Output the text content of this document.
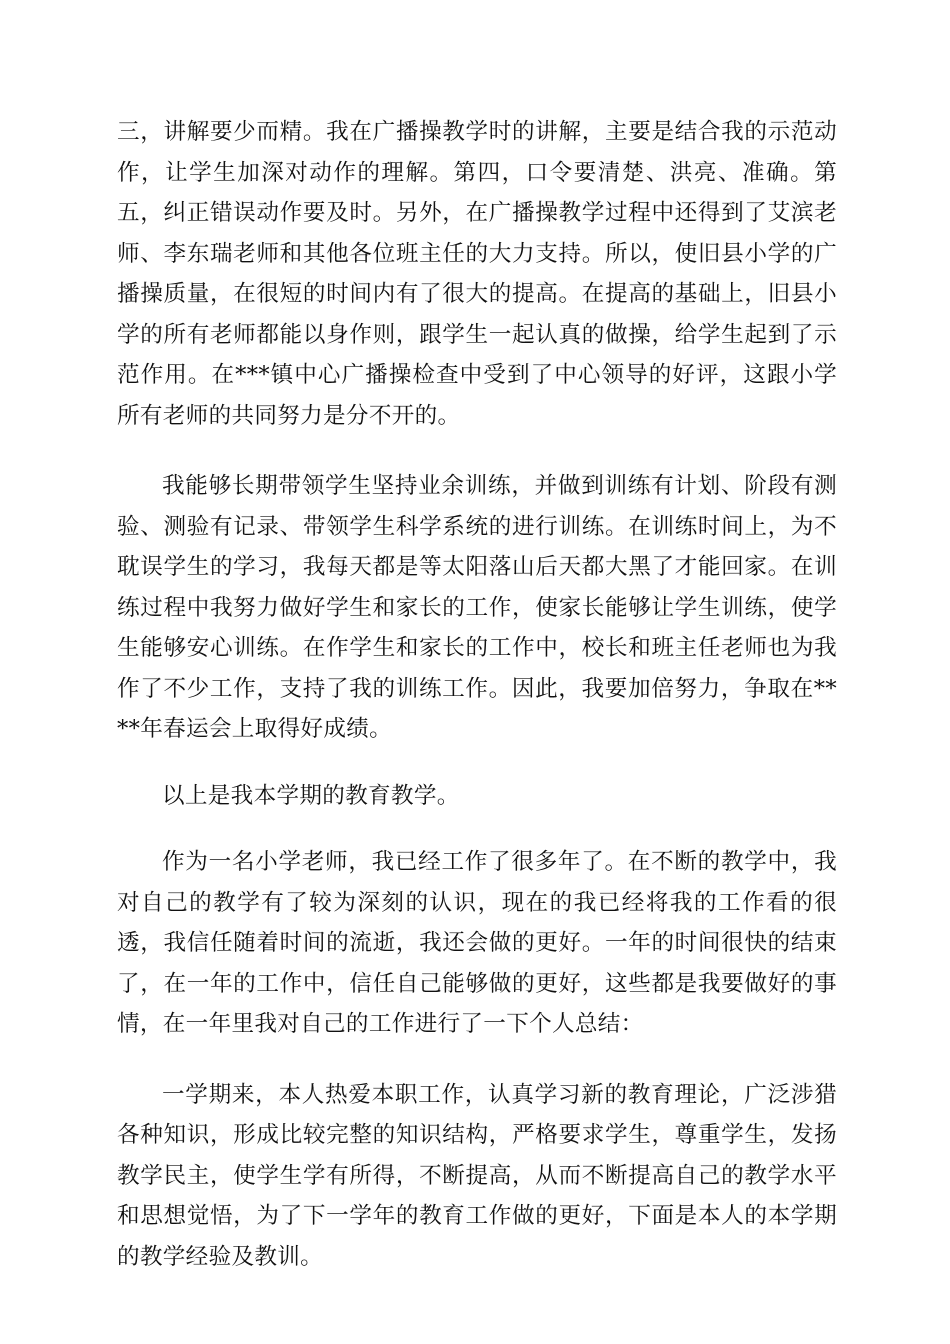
三，讲解要少而精。我在广播操教学时的讲解，主要是结合我的示范动作，让学生加深对动作的理解。第四，口令要清楚、洪亮、准确。第五，纠正错误动作要及时。另外，在广播操教学过程中还得到了艾滨老师、李东瑞老师和其他各位班主任的大力支持。所以，使旧县小学的广播操质量，在很短的时间内有了很大的提高。在提高的基础上，旧县小学的所有老师都能以身作则，跟学生一起认真的做操，给学生起到了示范作用。在***镇中心广播操检查中受到了中心领导的好评，这跟小学所有老师的共同努力是分不开的。

我能够长期带领学生坚持业余训练，并做到训练有计划、阶段有测验、测验有记录、带领学生科学系统的进行训练。在训练时间上，为不耽误学生的学习，我每天都是等太阳落山后天都大黑了才能回家。在训练过程中我努力做好学生和家长的工作，使家长能够让学生训练，使学生能够安心训练。在作学生和家长的工作中，校长和班主任老师也为我作了不少工作，支持了我的训练工作。因此，我要加倍努力，争取在****年春运会上取得好成绩。

以上是我本学期的教育教学。

作为一名小学老师，我已经工作了很多年了。在不断的教学中，我对自己的教学有了较为深刻的认识，现在的我已经将我的工作看的很透，我信任随着时间的流逝，我还会做的更好。一年的时间很快的结束了，在一年的工作中，信任自己能够做的更好，这些都是我要做好的事情，在一年里我对自己的工作进行了一下个人总结：

一学期来，本人热爱本职工作，认真学习新的教育理论，广泛涉猎各种知识，形成比较完整的知识结构，严格要求学生，尊重学生，发扬教学民主，使学生学有所得，不断提高，从而不断提高自己的教学水平和思想觉悟，为了下一学年的教育工作做的更好，下面是本人的本学期的教学经验及教训。
